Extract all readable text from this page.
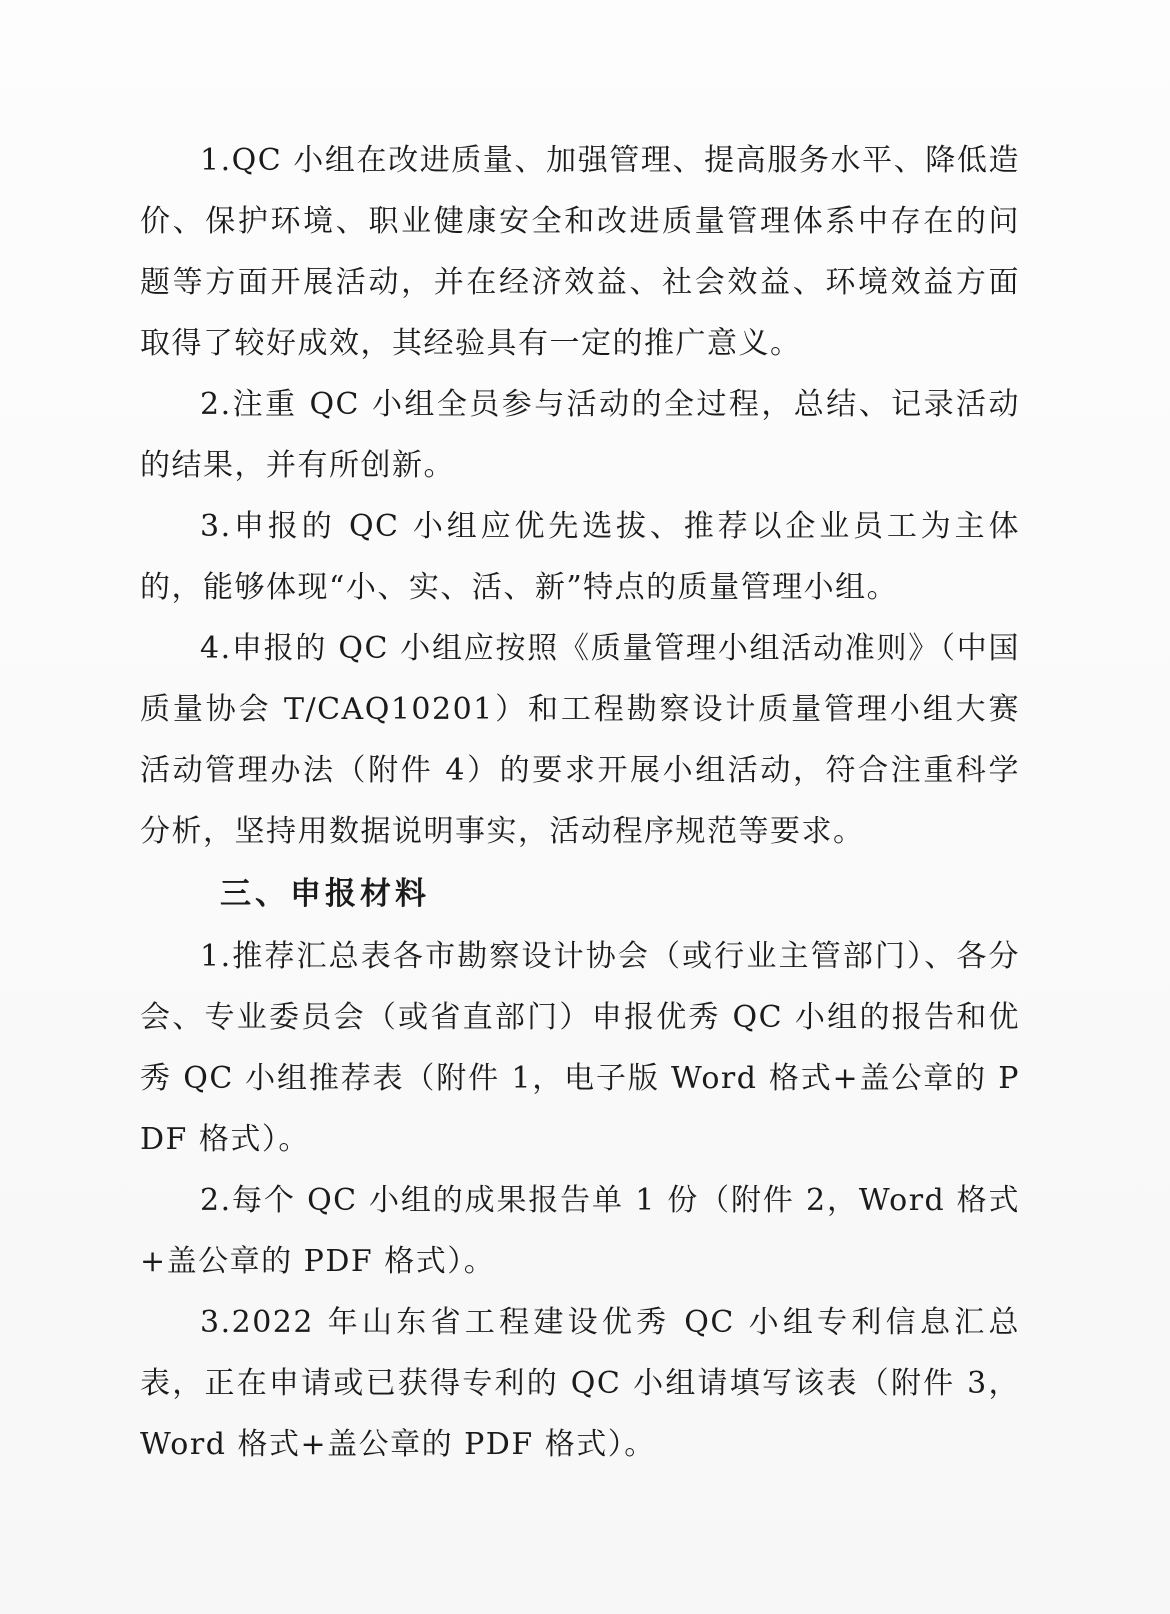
1.QC 小组在改进质量、加强管理、提高服务水平、降低造价、保护环境、职业健康安全和改进质量管理体系中存在的问题等方面开展活动，并在经济效益、社会效益、环境效益方面取得了较好成效，其经验具有一定的推广意义。

2.注重 QC 小组全员参与活动的全过程，总结、记录活动的结果，并有所创新。

3.申报的 QC 小组应优先选拔、推荐以企业员工为主体的，能够体现“小、实、活、新”特点的质量管理小组。

4.申报的 QC 小组应按照《质量管理小组活动准则》（中国质量协会 T/CAQ10201）和工程勘察设计质量管理小组大赛活动管理办法（附件 4）的要求开展小组活动，符合注重科学分析，坚持用数据说明事实，活动程序规范等要求。

三、申报材料

1.推荐汇总表各市勘察设计协会（或行业主管部门）、各分会、专业委员会（或省直部门）申报优秀 QC 小组的报告和优秀 QC 小组推荐表（附件 1，电子版 Word 格式+盖公章的 PDF 格式）。

2.每个 QC 小组的成果报告单 1 份（附件 2，Word 格式+盖公章的 PDF 格式）。

3.2022 年山东省工程建设优秀 QC 小组专利信息汇总表，正在申请或已获得专利的 QC 小组请填写该表（附件 3，Word 格式+盖公章的 PDF 格式）。
